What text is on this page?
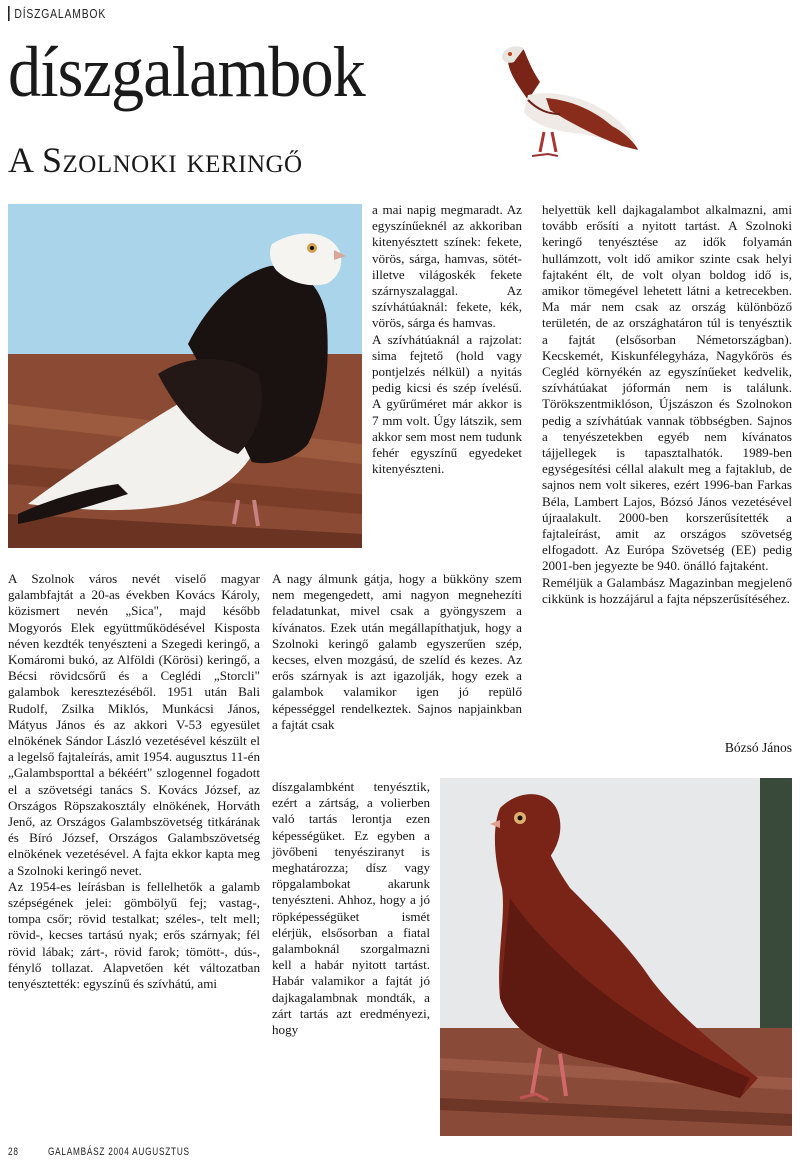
DÍSZGALAMBOK
díszgalambok
A Szolnoki keringő

A Szolnok város nevét viselő magyar galambfajtát a 20-as években Kovács Károly, közismert nevén „Sica", majd később Mogyorós Elek együttműködésével Kisposta néven kezdték tenyészteni a Szegedi keringő, a Komáromi bukó, az Alföldi (Körösi) keringő, a Bécsi rövidcsőrű és a Ceglédi „Storcli" galambok keresztezéséből. 1951 után Bali Rudolf, Zsilka Miklós, Munkácsi János, Mátyus János és az akkori V-53 egyesület elnökének Sándor László vezetésével készült el a legelső fajtaleírás, amit 1954. augusztus 11-én „Galambsporttal a békéért" szlogennel fogadott el a szövetségi tanács S. Kovács József, az Országos Röpszakosztály elnökének, Horváth Jenő, az Országos Galambszövetség titkárának és Bíró József, Országos Galambszövetség elnökének vezetésével. A fajta ekkor kapta meg a Szolnoki keringő nevet.

Az 1954-es leírásban is fellelhetők a galamb szépségének jelei: gömbölyű fej; vastag-, tompa csőr; rövid testalkat; széles-, telt mell; rövid-, kecses tartású nyak; erős szárnyak; fél rövid lábak; zárt-, rövid farok; tömött-, dús-, fénylő tollazat. Alapvetően két változatban tenyésztették: egyszínű és szívhátú, ami

a mai napig megmaradt. Az egyszínűeknél az akkoriban kitenyésztett színek: fekete, vörös, sárga, hamvas, sötét-illetve világoskék fekete szárnyszalaggal. Az szívhátúaknál: fekete, kék, vörös, sárga és hamvas.

A szívhátúaknál a rajzolat: sima fejtető (hold vagy pontjelzés nélkül) a nyitás pedig kicsi és szép ívelésű. A gyűrűméret már akkor is 7 mm volt. Úgy látszik, sem akkor sem most nem tudunk fehér egyszínű egyedeket kitenyészteni.

A nagy álmunk gátja, hogy a bükköny szem nem megengedett, ami nagyon megnehezíti feladatunkat, mivel csak a gyöngyszem a kívánatos. Ezek után megállapíthatjuk, hogy a Szolnoki keringő galamb egyszerűen szép, kecses, elven mozgású, de szelíd és kezes. Az erős szárnyak is azt igazolják, hogy ezek a galambok valamikor igen jó repülő képességgel rendelkeztek. Sajnos napjainkban a fajtát csak

díszgalambként tenyésztik, ezért a zártság, a volierben való tartás lerontja ezen képességüket. Ez egyben a jövőbeni tenyésziranyt is meghatározza; dísz vagy röpgalambokat akarunk tenyészteni. Ahhoz, hogy a jó röpképességüket ismét elérjük, elsősorban a fiatal galamboknál szorgalmazni kell a habár nyitott tartást. Habár valamikor a fajtát jó dajkagalambnak mondták, a zárt tartás azt eredményezi, hogy

helyettük kell dajkagalambot alkalmazni, ami tovább erősíti a nyitott tartást. A Szolnoki keringő tenyésztése az idők folyamán hullámzott, volt idő amikor szinte csak helyi fajtaként élt, de volt olyan boldog idő is, amikor tömegével lehetett látni a ketrecekben. Ma már nem csak az ország különböző területén, de az országhatáron túl is tenyésztik a fajtát (elsősorban Németországban). Kecskemét, Kiskunfélegyháza, Nagykőrös és Cegléd környékén az egyszínűeket kedvelik, szívhátúakat jóformán nem is találunk. Törökszentmiklóson, Újszászon és Szolnokon pedig a szívhátúak vannak többségben. Sajnos a tenyészetekben egyéb nem kívánatos tájjellegek is tapasztalhatók. 1989-ben egységesítési céllal alakult meg a fajtaklub, de sajnos nem volt sikeres, ezért 1996-ban Farkas Béla, Lambert Lajos, Bózsó János vezetésével újraalakult. 2000-ben korszerűsítették a fajtaleírást, amit az országos szövetség elfogadott. Az Európa Szövetség (EE) pedig 2001-ben jegyezte be 940. önálló fajtaként.

Reméljük a Galambász Magazinban megjelenő cikkünk is hozzájárul a fajta népszerűsítéséhez.

Bózsó János
28	GALAMBÁSZ 2004 AUGUSZTUS
